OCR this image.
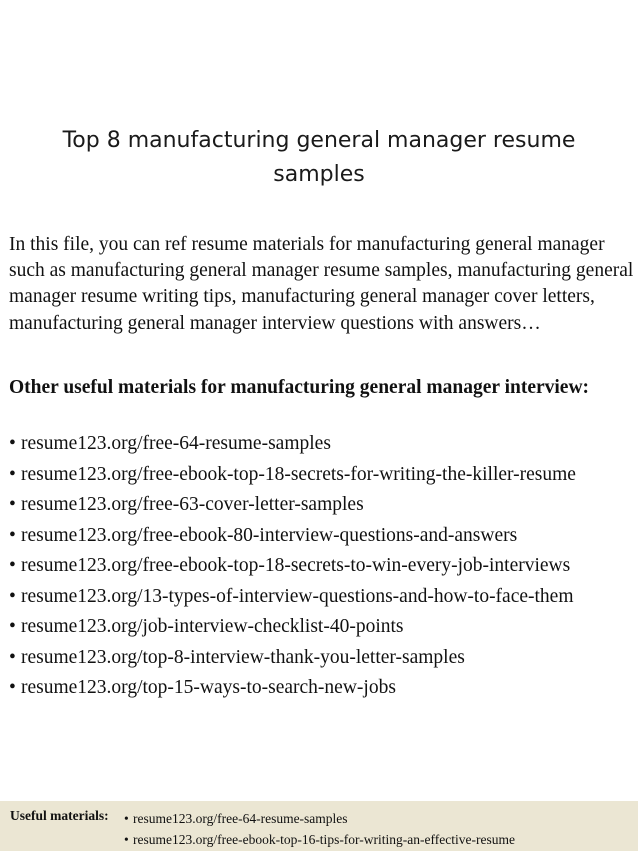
Top 8 manufacturing general manager resume
samples

In this file, you can ref resume materials for manufacturing general manager such as manufacturing general manager resume samples, manufacturing general manager resume writing tips, manufacturing general manager cover letters, manufacturing general manager interview questions with answers…

Other useful materials for manufacturing general manager interview:
• resume123.org/free-64-resume-samples
• resume123.org/free-ebook-top-18-secrets-for-writing-the-killer-resume
• resume123.org/free-63-cover-letter-samples
• resume123.org/free-ebook-80-interview-questions-and-answers
• resume123.org/free-ebook-top-18-secrets-to-win-every-job-interviews
• resume123.org/13-types-of-interview-questions-and-how-to-face-them
• resume123.org/job-interview-checklist-40-points
• resume123.org/top-8-interview-thank-you-letter-samples
• resume123.org/top-15-ways-to-search-new-jobs
Useful materials: • resume123.org/free-64-resume-samples
• resume123.org/free-ebook-top-16-tips-for-writing-an-effective-resume
